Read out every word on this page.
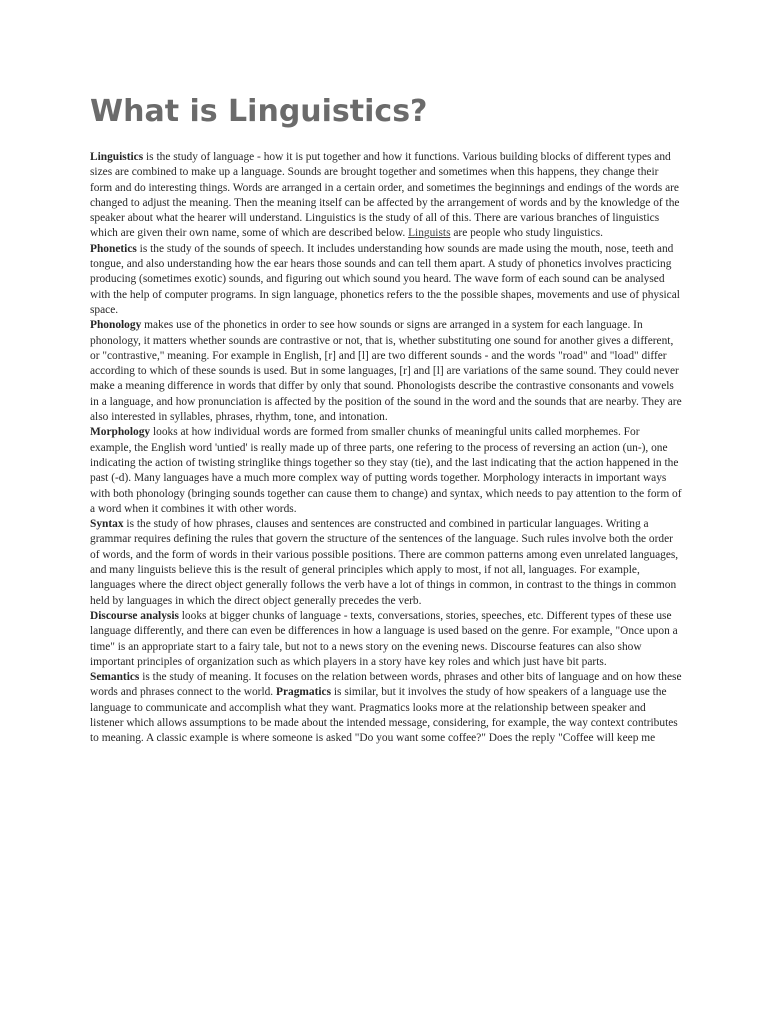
What is Linguistics?

Linguistics is the study of language - how it is put together and how it functions. Various building blocks of different types and sizes are combined to make up a language. Sounds are brought together and sometimes when this happens, they change their form and do interesting things. Words are arranged in a certain order, and sometimes the beginnings and endings of the words are changed to adjust the meaning. Then the meaning itself can be affected by the arrangement of words and by the knowledge of the speaker about what the hearer will understand. Linguistics is the study of all of this. There are various branches of linguistics which are given their own name, some of which are described below. Linguists are people who study linguistics.

Phonetics is the study of the sounds of speech. It includes understanding how sounds are made using the mouth, nose, teeth and tongue, and also understanding how the ear hears those sounds and can tell them apart. A study of phonetics involves practicing producing (sometimes exotic) sounds, and figuring out which sound you heard. The wave form of each sound can be analysed with the help of computer programs. In sign language, phonetics refers to the the possible shapes, movements and use of physical space.

Phonology makes use of the phonetics in order to see how sounds or signs are arranged in a system for each language. In phonology, it matters whether sounds are contrastive or not, that is, whether substituting one sound for another gives a different, or "contrastive," meaning. For example in English, [r] and [l] are two different sounds - and the words "road" and "load" differ according to which of these sounds is used. But in some languages, [r] and [l] are variations of the same sound. They could never make a meaning difference in words that differ by only that sound. Phonologists describe the contrastive consonants and vowels in a language, and how pronunciation is affected by the position of the sound in the word and the sounds that are nearby. They are also interested in syllables, phrases, rhythm, tone, and intonation.

Morphology looks at how individual words are formed from smaller chunks of meaningful units called morphemes. For example, the English word 'untied' is really made up of three parts, one refering to the process of reversing an action (un-), one indicating the action of twisting stringlike things together so they stay (tie), and the last indicating that the action happened in the past (-d). Many languages have a much more complex way of putting words together. Morphology interacts in important ways with both phonology (bringing sounds together can cause them to change) and syntax, which needs to pay attention to the form of a word when it combines it with other words.

Syntax is the study of how phrases, clauses and sentences are constructed and combined in particular languages. Writing a grammar requires defining the rules that govern the structure of the sentences of the language. Such rules involve both the order of words, and the form of words in their various possible positions. There are common patterns among even unrelated languages, and many linguists believe this is the result of general principles which apply to most, if not all, languages. For example, languages where the direct object generally follows the verb have a lot of things in common, in contrast to the things in common held by languages in which the direct object generally precedes the verb.

Discourse analysis looks at bigger chunks of language - texts, conversations, stories, speeches, etc. Different types of these use language differently, and there can even be differences in how a language is used based on the genre. For example, "Once upon a time" is an appropriate start to a fairy tale, but not to a news story on the evening news. Discourse features can also show important principles of organization such as which players in a story have key roles and which just have bit parts.

Semantics is the study of meaning. It focuses on the relation between words, phrases and other bits of language and on how these words and phrases connect to the world. Pragmatics is similar, but it involves the study of how speakers of a language use the language to communicate and accomplish what they want. Pragmatics looks more at the relationship between speaker and listener which allows assumptions to be made about the intended message, considering, for example, the way context contributes to meaning. A classic example is where someone is asked "Do you want some coffee?" Does the reply "Coffee will keep me
